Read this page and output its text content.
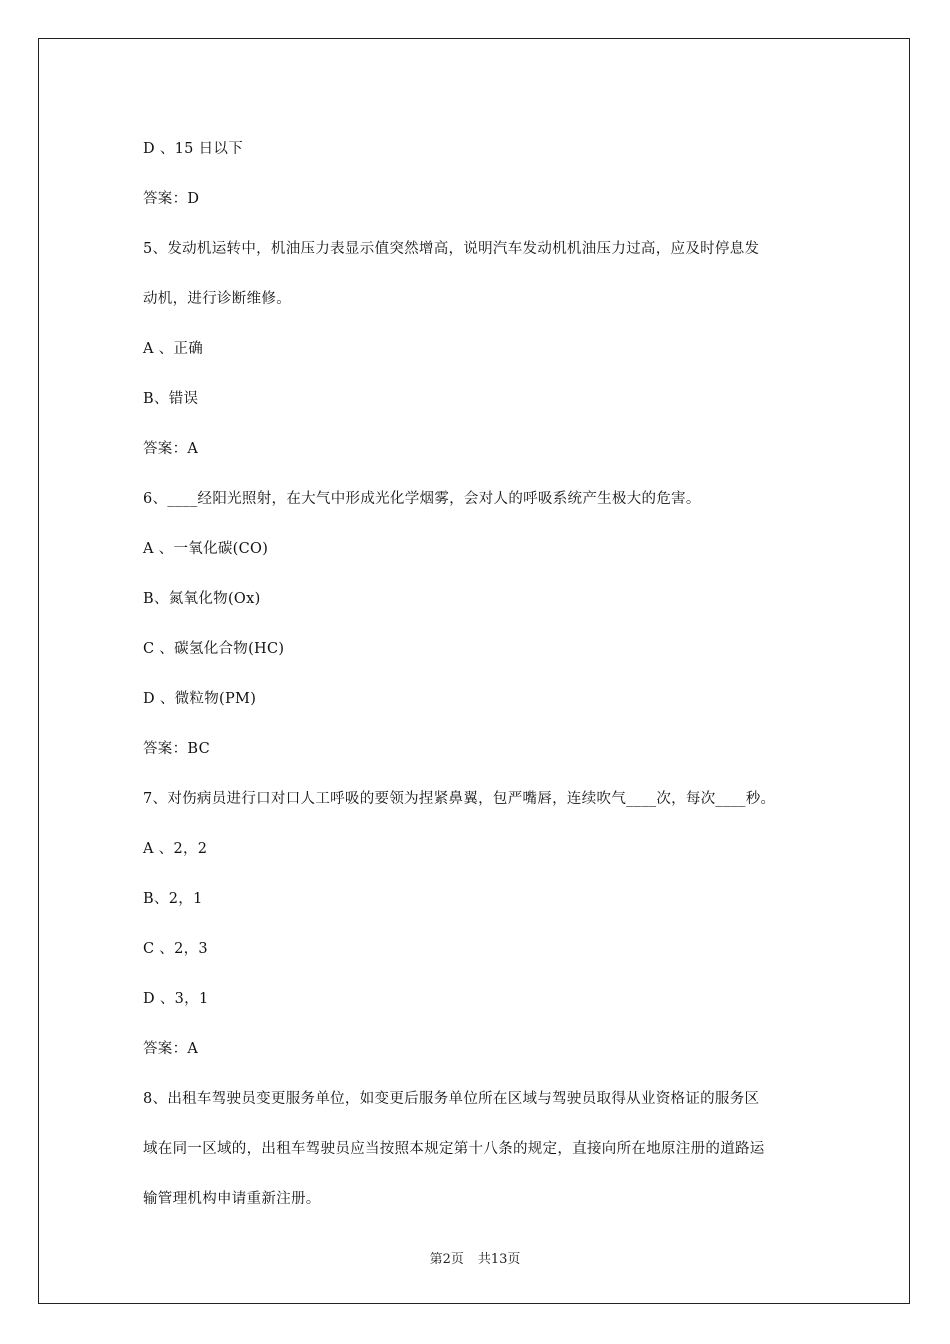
D 、15 日以下
答案：D
5、发动机运转中，机油压力表显示值突然增高，说明汽车发动机机油压力过高，应及时停息发
动机，进行诊断维修。
A 、正确
B、错误
答案：A
6、____经阳光照射，在大气中形成光化学烟雾，会对人的呼吸系统产生极大的危害。
A 、一氧化碳(CO)
B、氮氧化物(Ox)
C 、碳氢化合物(HC)
D 、微粒物(PM)
答案：BC
7、对伤病员进行口对口人工呼吸的要领为捏紧鼻翼，包严嘴唇，连续吹气____次，每次____秒。
A 、2，2
B、2，1
C 、2，3
D 、3，1
答案：A
8、出租车驾驶员变更服务单位，如变更后服务单位所在区域与驾驶员取得从业资格证的服务区
域在同一区域的，出租车驾驶员应当按照本规定第十八条的规定，直接向所在地原注册的道路运
输管理机构申请重新注册。
第2页 共13页
